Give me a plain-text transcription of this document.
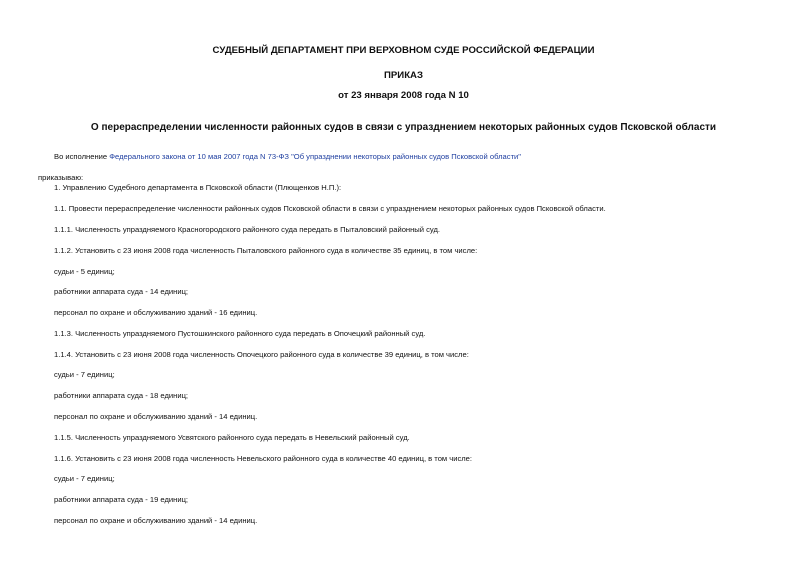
СУДЕБНЫЙ ДЕПАРТАМЕНТ ПРИ ВЕРХОВНОМ СУДЕ РОССИЙСКОЙ ФЕДЕРАЦИИ
ПРИКАЗ
от 23 января 2008 года N 10
О перераспределении численности районных судов в связи с упразднением некоторых районных судов Псковской области
Во исполнение Федерального закона от 10 мая 2007 года N 73-ФЗ "Об упразднении некоторых районных судов Псковской области"
приказываю:
1. Управлению Судебного департамента в Псковской области (Плющенков Н.П.):
1.1. Провести перераспределение численности районных судов Псковской области в связи с упразднением некоторых районных судов Псковской области.
1.1.1. Численность упраздняемого Красногородского районного суда передать в Пыталовский районный суд.
1.1.2. Установить с 23 июня 2008 года численность Пыталовского районного суда в количестве 35 единиц, в том числе:
судьи - 5 единиц;
работники аппарата суда - 14 единиц;
персонал по охране и обслуживанию зданий - 16 единиц.
1.1.3. Численность упраздняемого Пустошкинского районного суда передать в Опочецкий районный суд.
1.1.4. Установить с 23 июня 2008 года численность Опочецкого районного суда в количестве 39 единиц, в том числе:
судьи - 7 единиц;
работники аппарата суда - 18 единиц;
персонал по охране и обслуживанию зданий - 14 единиц.
1.1.5. Численность упраздняемого Усвятского районного суда передать в Невельский районный суд.
1.1.6. Установить с 23 июня 2008 года численность Невельского районного суда в количестве 40 единиц, в том числе:
судьи - 7 единиц;
работники аппарата суда - 19 единиц;
персонал по охране и обслуживанию зданий - 14 единиц.
